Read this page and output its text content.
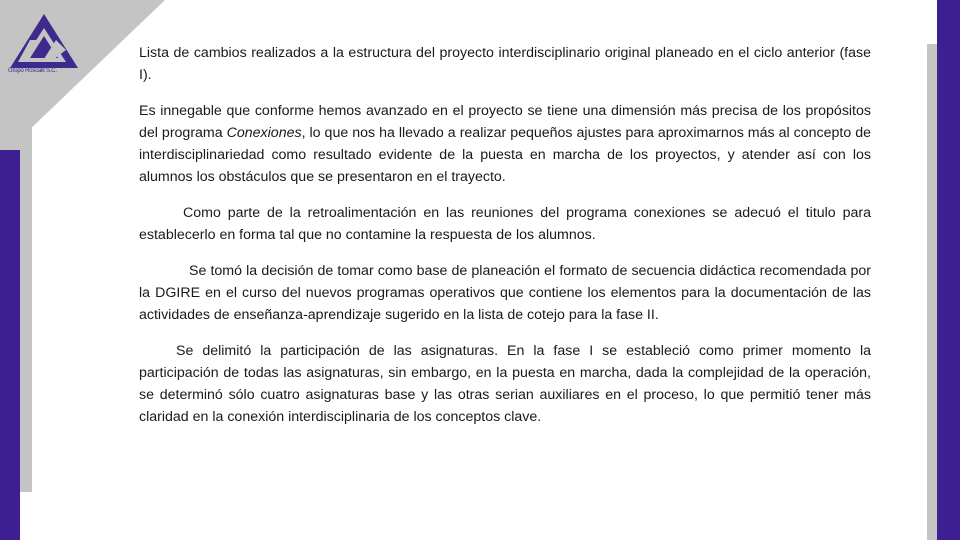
Grupo Roscalli S.C.

Lista de cambios realizados a la estructura del proyecto interdisciplinario original planeado en el ciclo anterior (fase I).

Es innegable que conforme hemos avanzado en el proyecto se tiene una dimensión más precisa de los propósitos del programa Conexiones, lo que nos ha llevado a realizar pequeños ajustes para aproximarnos más al concepto de interdisciplinariedad como resultado evidente de la puesta en marcha de los proyectos, y atender así con los alumnos los obstáculos que se presentaron en el trayecto.

Como parte de la retroalimentación en las reuniones del programa conexiones se adecuó el titulo para establecerlo en forma tal que no contamine la respuesta de los alumnos.

Se tomó la decisión de tomar como base de planeación el formato de secuencia didáctica recomendada por la DGIRE en el curso del nuevos programas operativos que contiene los elementos para la documentación de las actividades de enseñanza-aprendizaje sugerido en la lista de cotejo para la fase II.

Se delimitó la participación de las asignaturas. En la fase I se estableció como primer momento la participación de todas las asignaturas, sin embargo, en la puesta en marcha, dada la complejidad de la operación, se determinó sólo cuatro asignaturas base y las otras serian auxiliares en el proceso, lo que permitió tener más claridad en la conexión interdisciplinaria de los conceptos clave.
